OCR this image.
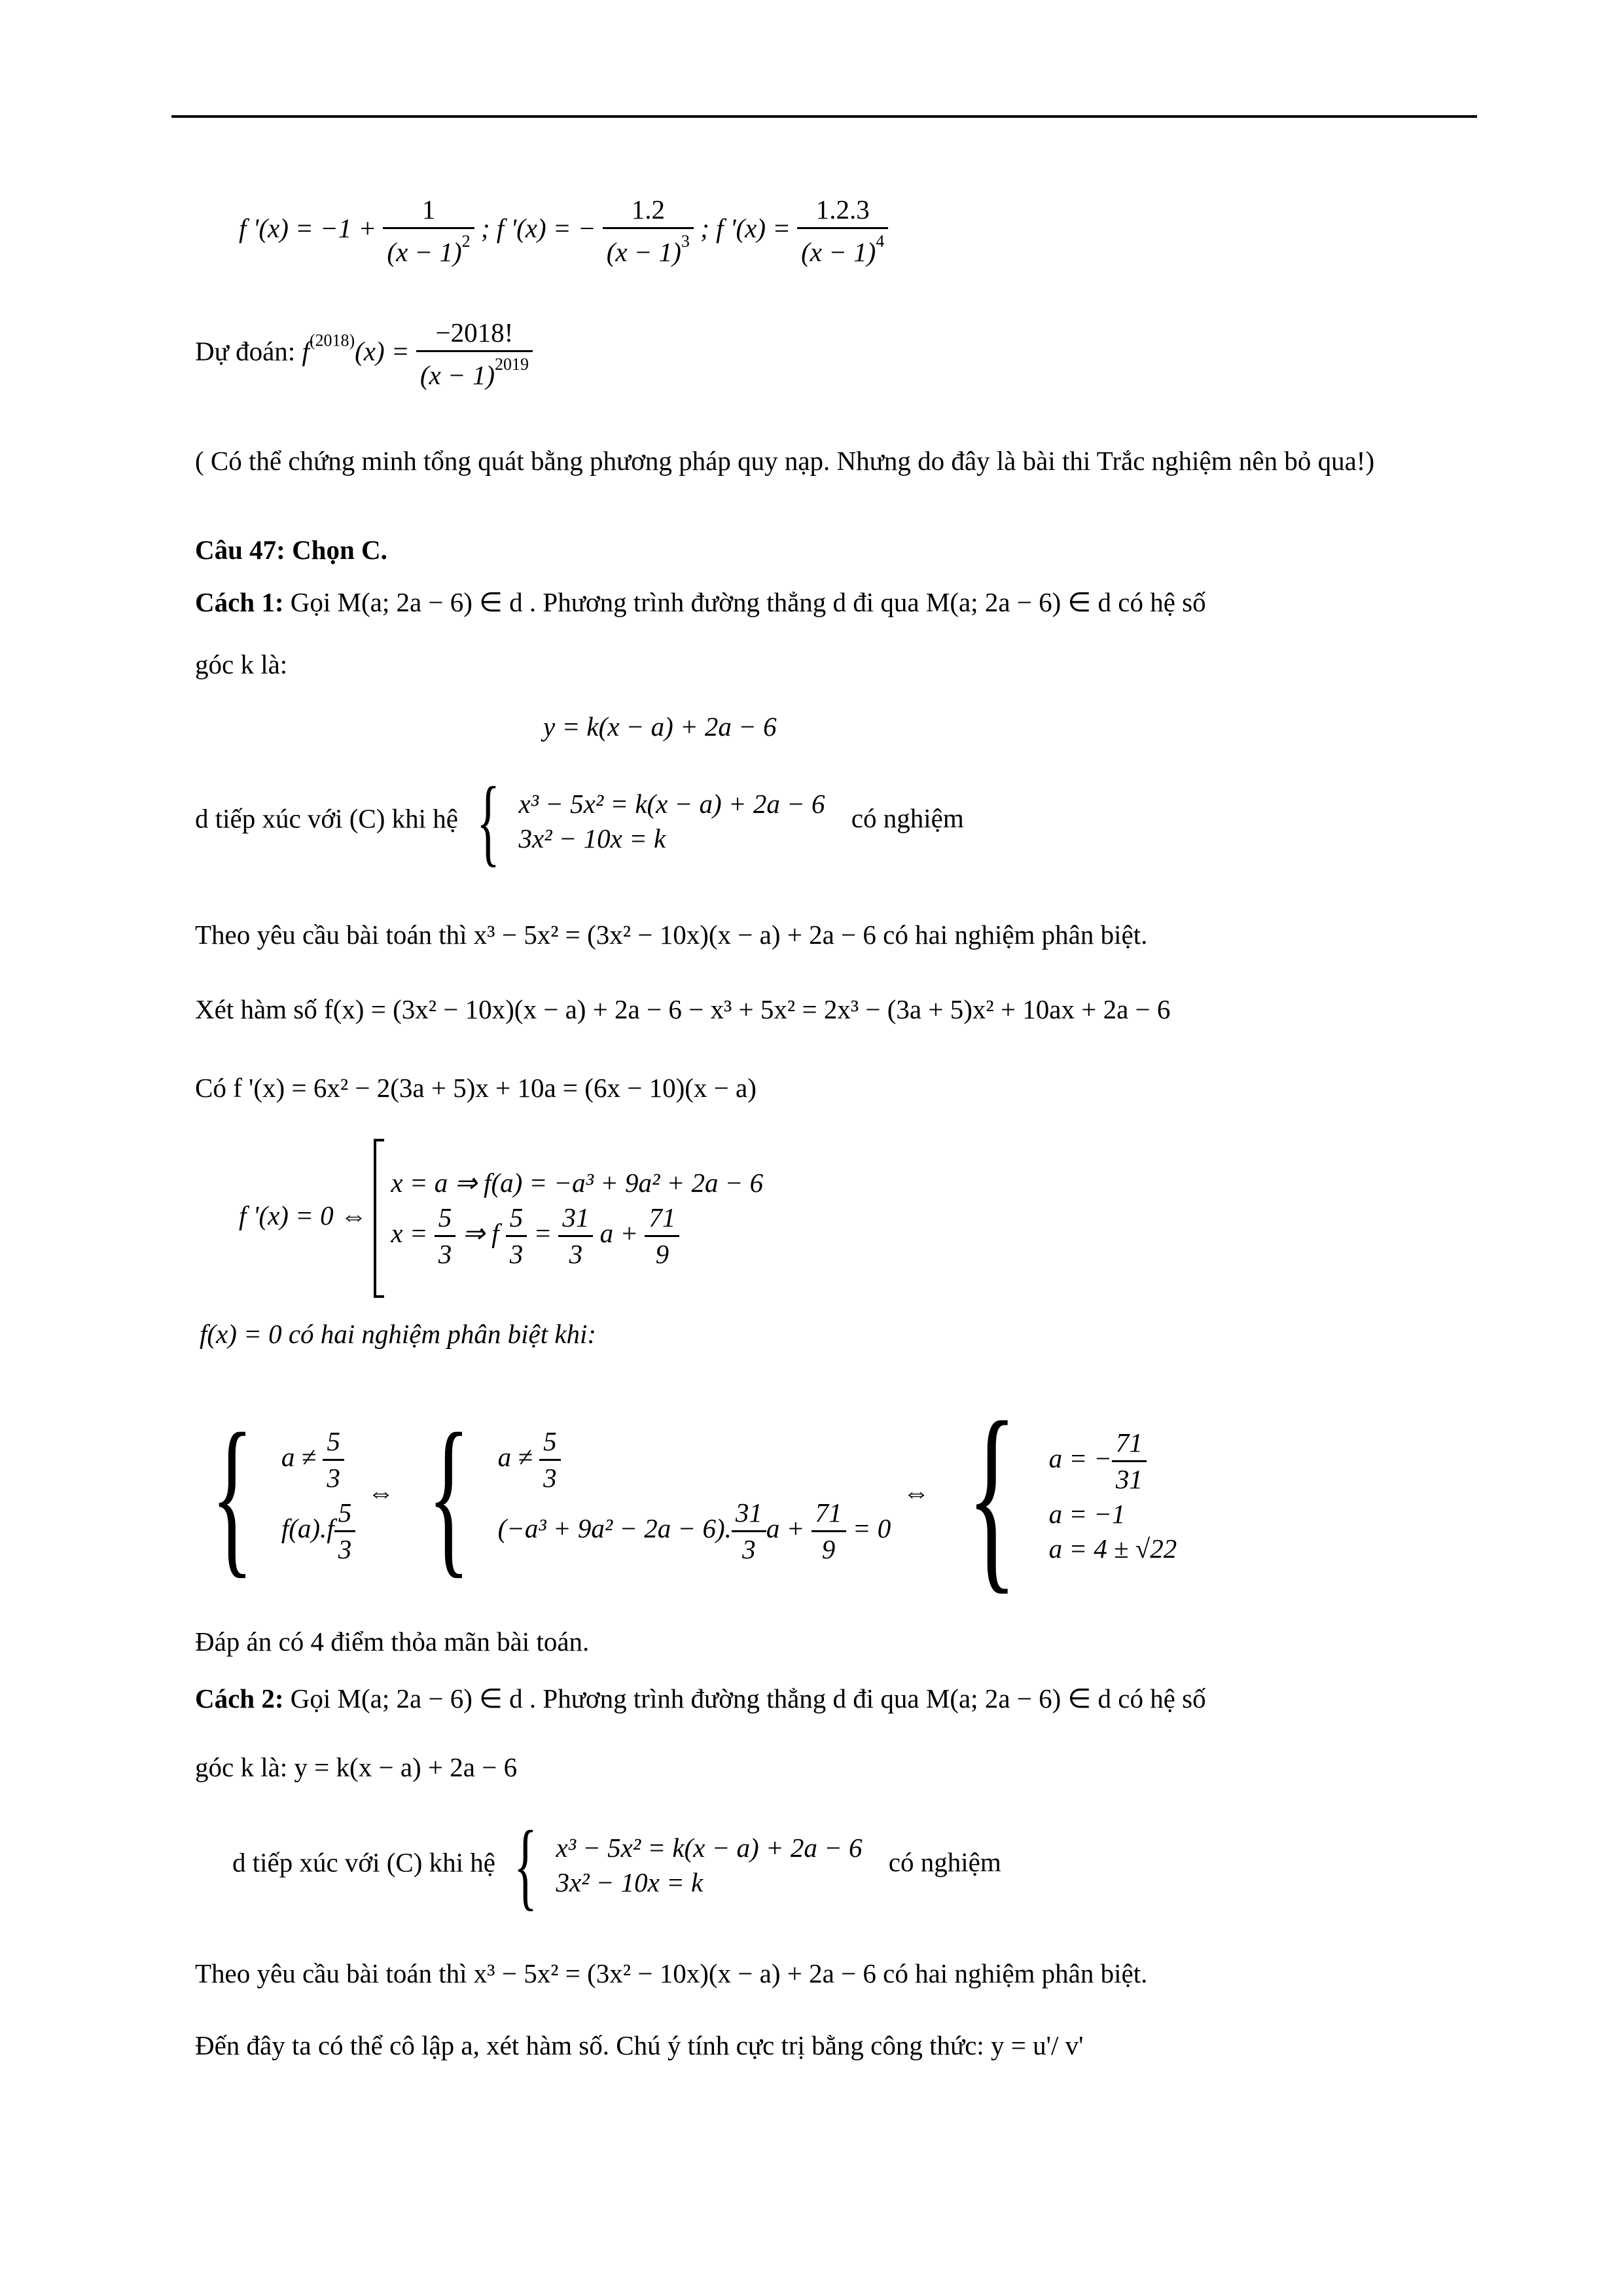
f '$(x) = -1 + \frac{1}{(x - 1)^2}$ ; f '(x) = − $\frac{1.2}{(x - 1)^3}$ ; f '$(x) = \frac{1.2.3}{(x - 1)^4}$
Dự đoán: $f^{(2018)}(x) = \frac{-2018!}{(x - 1)^{2019}}$
( Có thể chứng minh tổng quát bằng phương pháp quy nạp. Nhưng do đây là bài thi Trắc nghiệm nên bỏ qua!)
Câu 47: Chọn C.
Cách 1: Gọi M(a; 2a − 6) ∈ d . Phương trình đường thẳng d đi qua M(a; 2a − 6) ∈ d có hệ số
góc k là:
y = k(x − a) + 2a − 6
d tiếp xúc với (C) khi hệ { x³ − 5x² = k(x − a) + 2a − 6
3x² − 10x = k
có nghiệm
Theo yêu cầu bài toán thì x³ − 5x² = (3x² − 10x)(x − a) + 2a − 6 có hai nghiệm phân biệt.
Xét hàm số f(x) = (3x² − 10x)(x − a) + 2a − 6 − x³ + 5x² = 2x³ − (3a + 5)x² + 10ax + 2a − 6
Có f '(x) = 6x² − 2(3a + 5)x + 10a = (6x − 10)(x − a)
f '(x) = 0 ⇔
x = a ⇒ f(a) = −a³ + 9a² + 2a − 6
$x = \frac{5}{3}$ ⇒ f $\frac{5}{3} = \frac{31}{3}$ $a + \frac{71}{9}$
f(x) = 0 có hai nghiệm phân biệt khi:
{ $a \ne \frac{5}{3}$
$f(a).f \frac{5}{3}$
⇔ { $a \ne \frac{5}{3}$
(−a³ + 9a² − 2a − 6). $\frac{31}{3}$ $a + \frac{71}{9} = 0$
⇔ { a = − $\frac{71}{31}$
a = −1
a = 4 ± √22
Đáp án có 4 điểm thỏa mãn bài toán.
Cách 2: Gọi M(a; 2a − 6) ∈ d . Phương trình đường thẳng d đi qua M(a; 2a − 6) ∈ d có hệ số
góc k là: y = k(x − a) + 2a − 6
d tiếp xúc với (C) khi hệ { x³ − 5x² = k(x − a) + 2a − 6
3x² − 10x = k
có nghiệm
Theo yêu cầu bài toán thì x³ − 5x² = (3x² − 10x)(x − a) + 2a − 6 có hai nghiệm phân biệt.
Đến đây ta có thể cô lập a, xét hàm số. Chú ý tính cực trị bằng công thức: y = u'/ v'
